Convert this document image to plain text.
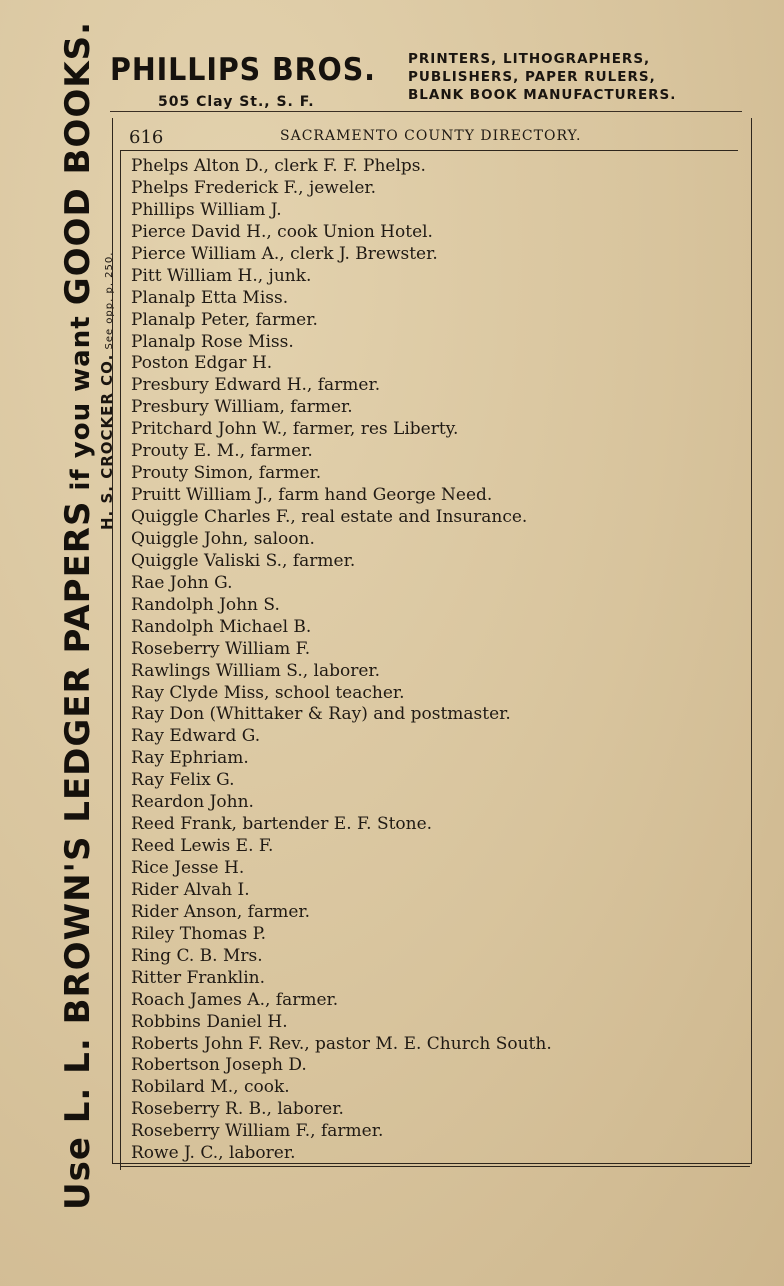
PHILLIPS BROS.
505 Clay St., S. F.
PRINTERS, LITHOGRAPHERS,
PUBLISHERS, PAPER RULERS,
BLANK BOOK MANUFACTURERS.
Use L. L. BROWN'S LEDGER PAPERS if you want GOOD BOOKS.
H. S. CROCKER CO. See opp. p. 250.
616	SACRAMENTO COUNTY DIRECTORY.
Phelps Alton D., clerk F. F. Phelps.
Phelps Frederick F., jeweler.
Phillips William J.
Pierce David H., cook Union Hotel.
Pierce William A., clerk J. Brewster.
Pitt William H., junk.
Planalp Etta Miss.
Planalp Peter, farmer.
Planalp Rose Miss.
Poston Edgar H.
Presbury Edward H., farmer.
Presbury William, farmer.
Pritchard John W., farmer, res Liberty.
Prouty E. M., farmer.
Prouty Simon, farmer.
Pruitt William J., farm hand George Need.
Quiggle Charles F., real estate and Insurance.
Quiggle John, saloon.
Quiggle Valiski S., farmer.
Rae John G.
Randolph John S.
Randolph Michael B.
Roseberry William F.
Rawlings William S., laborer.
Ray Clyde Miss, school teacher.
Ray Don (Whittaker & Ray) and postmaster.
Ray Edward G.
Ray Ephriam.
Ray Felix G.
Reardon John.
Reed Frank, bartender E. F. Stone.
Reed Lewis E. F.
Rice Jesse H.
Rider Alvah I.
Rider Anson, farmer.
Riley Thomas P.
Ring C. B. Mrs.
Ritter Franklin.
Roach James A., farmer.
Robbins Daniel H.
Roberts John F. Rev., pastor M. E. Church South.
Robertson Joseph D.
Robilard M., cook.
Roseberry R. B., laborer.
Roseberry William F., farmer.
Rowe J. C., laborer.
